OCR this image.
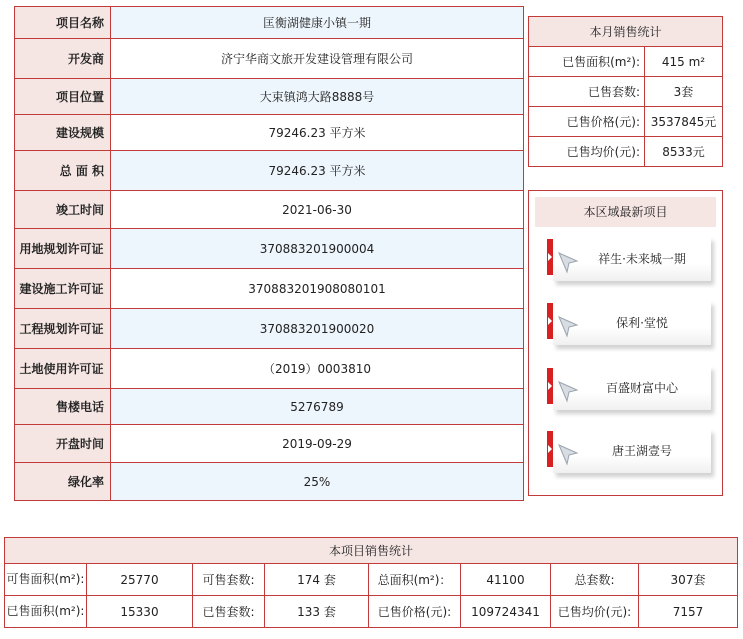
项目名称	匡衡湖健康小镇一期
开发商	济宁华商文旅开发建设管理有限公司
项目位置	大束镇鸿大路8888号
建设规模	79246.23 平方米
总 面 积	79246.23 平方米
竣工时间	2021-06-30
用地规划许可证	370883201900004
建设施工许可证	370883201908080101
工程规划许可证	370883201900020
土地使用许可证	（2019）0003810
售楼电话	5276789
开盘时间	2019-09-29
绿化率	25%
本月销售统计	
已售面积(m²):	415 m²
已售套数:	3套
已售价格(元):	3537845元
已售均价(元):	8533元
本区域最新项目
祥生·未来城一期
保利·堂悦
百盛财富中心
唐王湖壹号
本项目销售统计							
可售面积(m²):	25770	可售套数:	174 套	总面积(m²)：	41100	总套数:	307套
已售面积(m²):	15330	已售套数:	133 套	已售价格(元):	109724341	已售均价(元):	7157
